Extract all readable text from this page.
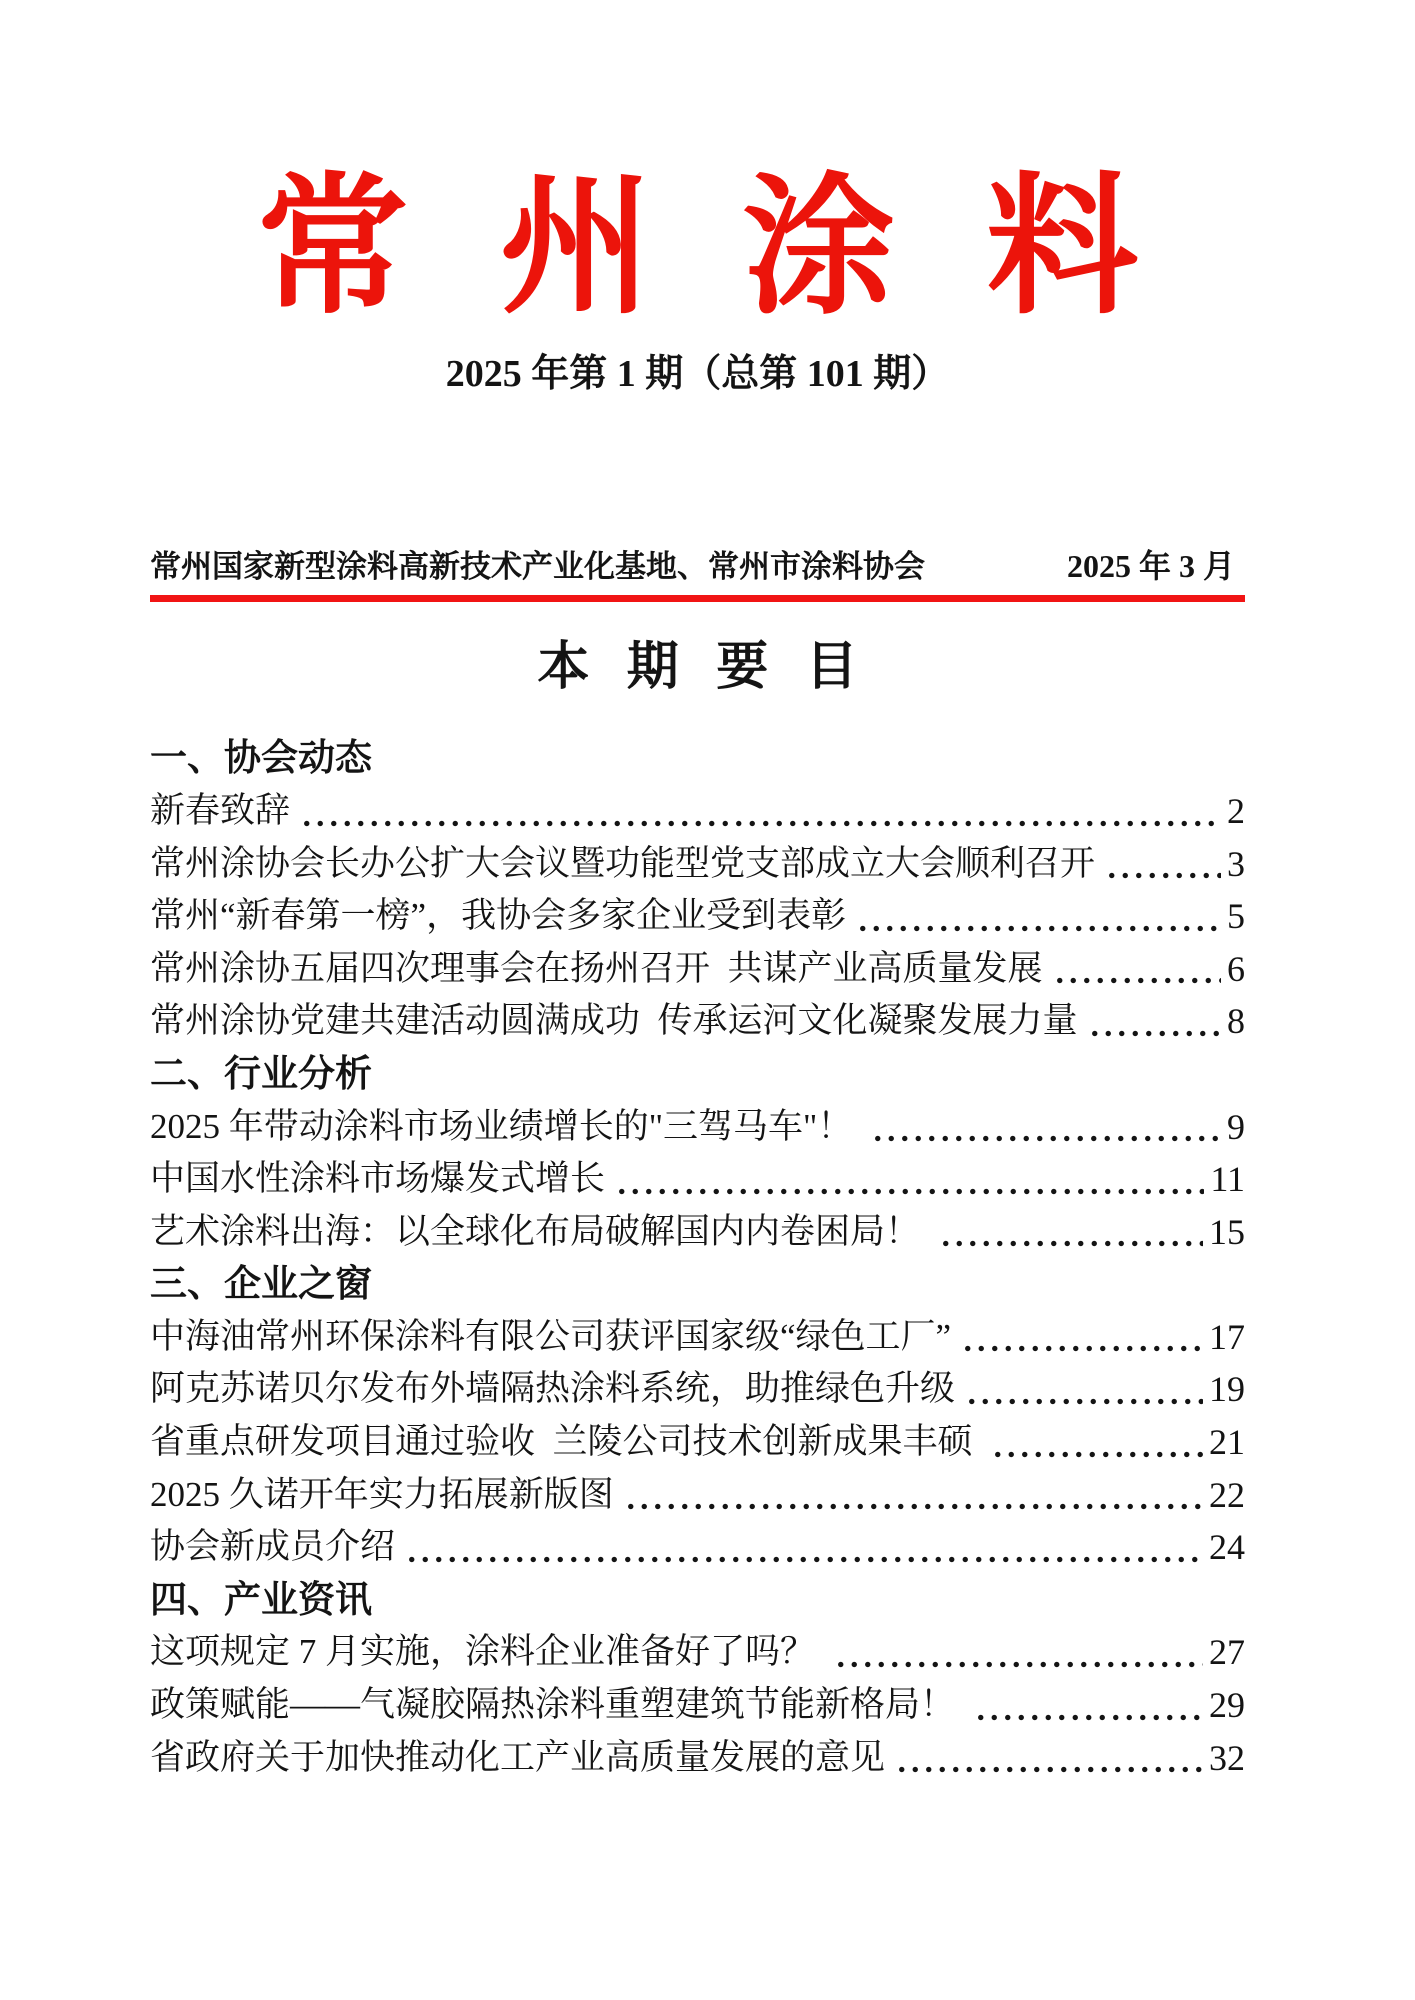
常州涂料
2025 年第 1 期（总第 101 期）
常州国家新型涂料高新技术产业化基地、常州市涂料协会	2025 年 3 月
本期要目
一、协会动态
新春致辞	2
常州涂协会长办公扩大会议暨功能型党支部成立大会顺利召开	3
常州“新春第一榜”，我协会多家企业受到表彰	5
常州涂协五届四次理事会在扬州召开  共谋产业高质量发展	6
常州涂协党建共建活动圆满成功  传承运河文化凝聚发展力量	8
二、行业分析
2025 年带动涂料市场业绩增长的"三驾马车"！	9
中国水性涂料市场爆发式增长	11
艺术涂料出海：以全球化布局破解国内内卷困局！	15
三、企业之窗
中海油常州环保涂料有限公司获评国家级“绿色工厂”	17
阿克苏诺贝尔发布外墙隔热涂料系统，助推绿色升级	19
省重点研发项目通过验收  兰陵公司技术创新成果丰硕	21
2025 久诺开年实力拓展新版图	22
协会新成员介绍	24
四、产业资讯
这项规定 7 月实施，涂料企业准备好了吗？	27
政策赋能——气凝胶隔热涂料重塑建筑节能新格局！	29
省政府关于加快推动化工产业高质量发展的意见	32
